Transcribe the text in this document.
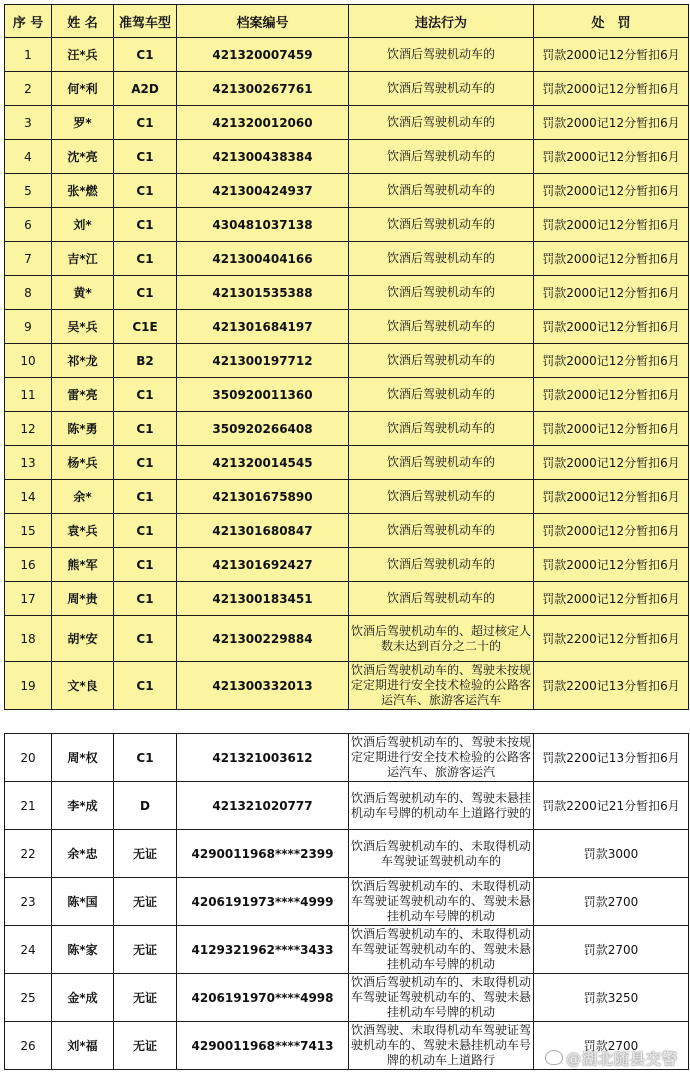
序 号	姓 名	准驾车型	档案编号	违法行为	处　罚
1	汪*兵	C1	421320007459	饮酒后驾驶机动车的	罚款2000记12分暂扣6月
2	何*利	A2D	421300267761	饮酒后驾驶机动车的	罚款2000记12分暂扣6月
3	罗*	C1	421320012060	饮酒后驾驶机动车的	罚款2000记12分暂扣6月
4	沈*亮	C1	421300438384	饮酒后驾驶机动车的	罚款2000记12分暂扣6月
5	张*燃	C1	421300424937	饮酒后驾驶机动车的	罚款2000记12分暂扣6月
6	刘*	C1	430481037138	饮酒后驾驶机动车的	罚款2000记12分暂扣6月
7	吉*江	C1	421300404166	饮酒后驾驶机动车的	罚款2000记12分暂扣6月
8	黄*	C1	421301535388	饮酒后驾驶机动车的	罚款2000记12分暂扣6月
9	吴*兵	C1E	421301684197	饮酒后驾驶机动车的	罚款2000记12分暂扣6月
10	祁*龙	B2	421300197712	饮酒后驾驶机动车的	罚款2000记12分暂扣6月
11	雷*亮	C1	350920011360	饮酒后驾驶机动车的	罚款2000记12分暂扣6月
12	陈*勇	C1	350920266408	饮酒后驾驶机动车的	罚款2000记12分暂扣6月
13	杨*兵	C1	421320014545	饮酒后驾驶机动车的	罚款2000记12分暂扣6月
14	余*	C1	421301675890	饮酒后驾驶机动车的	罚款2000记12分暂扣6月
15	袁*兵	C1	421301680847	饮酒后驾驶机动车的	罚款2000记12分暂扣6月
16	熊*军	C1	421301692427	饮酒后驾驶机动车的	罚款2000记12分暂扣6月
17	周*贵	C1	421300183451	饮酒后驾驶机动车的	罚款2000记12分暂扣6月
18	胡*安	C1	421300229884	饮酒后驾驶机动车的、超过核定人数未达到百分之二十的	罚款2200记12分暂扣6月
19	文*良	C1	421300332013	饮酒后驾驶机动车的、驾驶未按规定定期进行安全技术检验的公路客运汽车、旅游客运汽车	罚款2200记13分暂扣6月
20	周*权	C1	421321003612	饮酒后驾驶机动车的、驾驶未按规定定期进行安全技术检验的公路客运汽车、旅游客运汽	罚款2200记13分暂扣6月
21	李*成	D	421321020777	饮酒后驾驶机动车的、驾驶未悬挂机动车号牌的机动车上道路行驶的	罚款2200记21分暂扣6月
22	余*忠	无证	4290011968****2399	饮酒后驾驶机动车的、未取得机动车驾驶证驾驶机动车的	罚款3000
23	陈*国	无证	4206191973****4999	饮酒后驾驶机动车的、未取得机动车驾驶证驾驶机动车的、驾驶未悬挂机动车号牌的机动	罚款2700
24	陈*家	无证	4129321962****3433	饮酒后驾驶机动车的、未取得机动车驾驶证驾驶机动车的、驾驶未悬挂机动车号牌的机动	罚款2700
25	金*成	无证	4206191970****4998	饮酒后驾驶机动车的、未取得机动车驾驶证驾驶机动车的、驾驶未悬挂机动车号牌的机动	罚款3250
26	刘*福	无证	4290011968****7413	饮酒驾驶、未取得机动车驾驶证驾驶机动车的、驾驶未悬挂机动车号牌的机动车上道路行	罚款2700
@湖北随县交警
